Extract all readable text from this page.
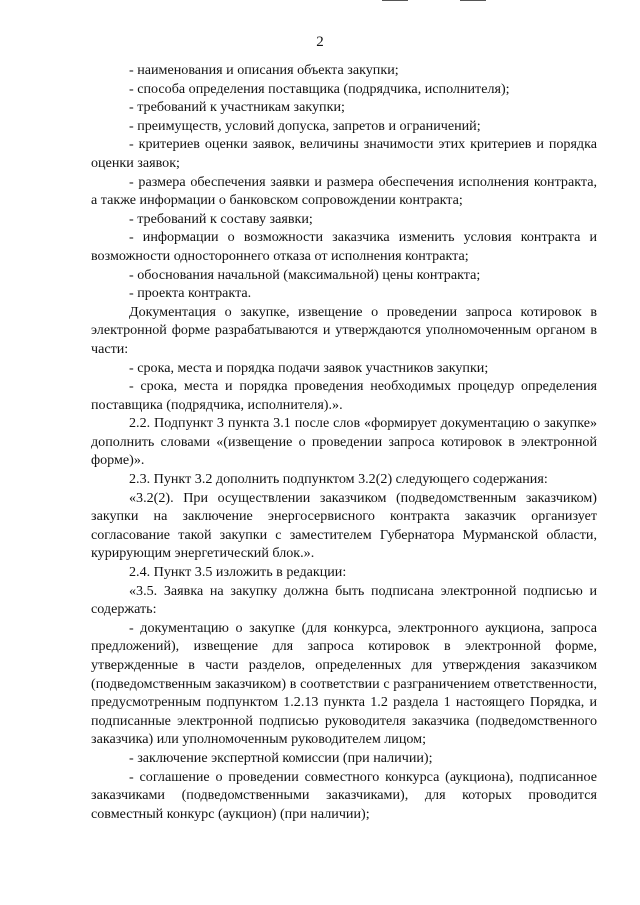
2

- наименования и описания объекта закупки;

- способа определения поставщика (подрядчика, исполнителя);

- требований к участникам закупки;

- преимуществ, условий допуска, запретов и ограничений;

- критериев оценки заявок, величины значимости этих критериев и порядка оценки заявок;

- размера обеспечения заявки и размера обеспечения исполнения контракта, а также информации о банковском сопровождении контракта;

- требований к составу заявки;

- информации о возможности заказчика изменить условия контракта и возможности одностороннего отказа от исполнения контракта;

- обоснования начальной (максимальной) цены контракта;

- проекта контракта.

Документация о закупке, извещение о проведении запроса котировок в электронной форме разрабатываются и утверждаются уполномоченным органом в части:

- срока, места и порядка подачи заявок участников закупки;

- срока, места и порядка проведения необходимых процедур определения поставщика (подрядчика, исполнителя).».

2.2. Подпункт 3 пункта 3.1 после слов «формирует документацию о закупке» дополнить словами «(извещение о проведении запроса котировок в электронной форме)».

2.3. Пункт 3.2 дополнить подпунктом 3.2(2) следующего содержания:

«3.2(2). При осуществлении заказчиком (подведомственным заказчиком) закупки на заключение энергосервисного контракта заказчик организует согласование такой закупки с заместителем Губернатора Мурманской области, курирующим энергетический блок.».

2.4. Пункт 3.5 изложить в редакции:

«3.5. Заявка на закупку должна быть подписана электронной подписью и содержать:

- документацию о закупке (для конкурса, электронного аукциона, запроса предложений), извещение для запроса котировок в электронной форме, утвержденные в части разделов, определенных для утверждения заказчиком (подведомственным заказчиком) в соответствии с разграничением ответственности, предусмотренным подпунктом 1.2.13 пункта 1.2 раздела 1 настоящего Порядка, и подписанные электронной подписью руководителя заказчика (подведомственного заказчика) или уполномоченным руководителем лицом;

- заключение экспертной комиссии (при наличии);

- соглашение о проведении совместного конкурса (аукциона), подписанное заказчиками (подведомственными заказчиками), для которых проводится совместный конкурс (аукцион) (при наличии);
